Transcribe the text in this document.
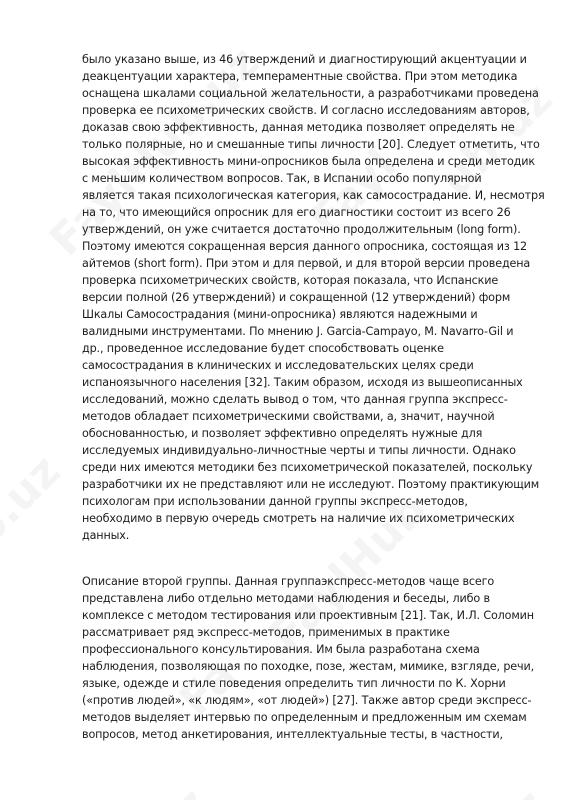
было указано выше, из 46 утверждений и диагностирующий акцентуации и
деакцентуации характера, темпераментные свойства. При этом методика
оснащена шкалами социальной желательности, а разработчиками проведена
проверка ее психометрических свойств. И согласно исследованиям авторов,
доказав свою эффективность, данная методика позволяет определять не
только полярные, но и смешанные типы личности [20]. Следует отметить, что
высокая эффективность мини-опросников была определена и среди методик
с меньшим количеством вопросов. Так, в Испании особо популярной
является такая психологическая категория, как самосострадание. И, несмотря
на то, что имеющийся опросник для его диагностики состоит из всего 26
утверждений, он уже считается достаточно продолжительным (long form).
Поэтому имеются сокращенная версия данного опросника, состоящая из 12
айтемов (short form). При этом и для первой, и для второй версии проведена
проверка психометрических свойств, которая показала, что Испанские
версии полной (26 утверждений) и сокращенной (12 утверждений) форм
Шкалы Самосострадания (мини-опросника) являются надежными и
валидными инструментами. По мнению J. Garcia-Campayo, M. Navarro-Gil и
др., проведенное исследование будет способствовать оценке
самосострадания в клинических и исследовательских целях среди
испаноязычного населения [32]. Таким образом, исходя из вышеописанных
исследований, можно сделать вывод о том, что данная группа экспресс-
методов обладает психометрическими свойствами, а, значит, научной
обоснованностью, и позволяет эффективно определять нужные для
исследуемых индивидуально-личностные черты и типы личности. Однако
среди них имеются методики без психометрической показателей, поскольку
разработчики их не представляют или не исследуют. Поэтому практикующим
психологам при использовании данной группы экспресс-методов,
необходимо в первую очередь смотреть на наличие их психометрических
данных.
Описание второй группы. Данная группаэкспресс-методов чаще всего
представлена либо отдельно методами наблюдения и беседы, либо в
комплексе с методом тестирования или проективным [21]. Так, И.Л. Соломин
рассматривает ряд экспресс-методов, применимых в практике
профессионального консультирования. Им была разработана схема
наблюдения, позволяющая по походке, позе, жестам, мимике, взгляде, речи,
языке, одежде и стиле поведения определить тип личности по К. Хорни
(«против людей», «к людям», «от людей») [27]. Также автор среди экспресс-
методов выделяет интервью по определенным и предложенным им схемам
вопросов, метод анкетирования, интеллектуальные тесты, в частности,
